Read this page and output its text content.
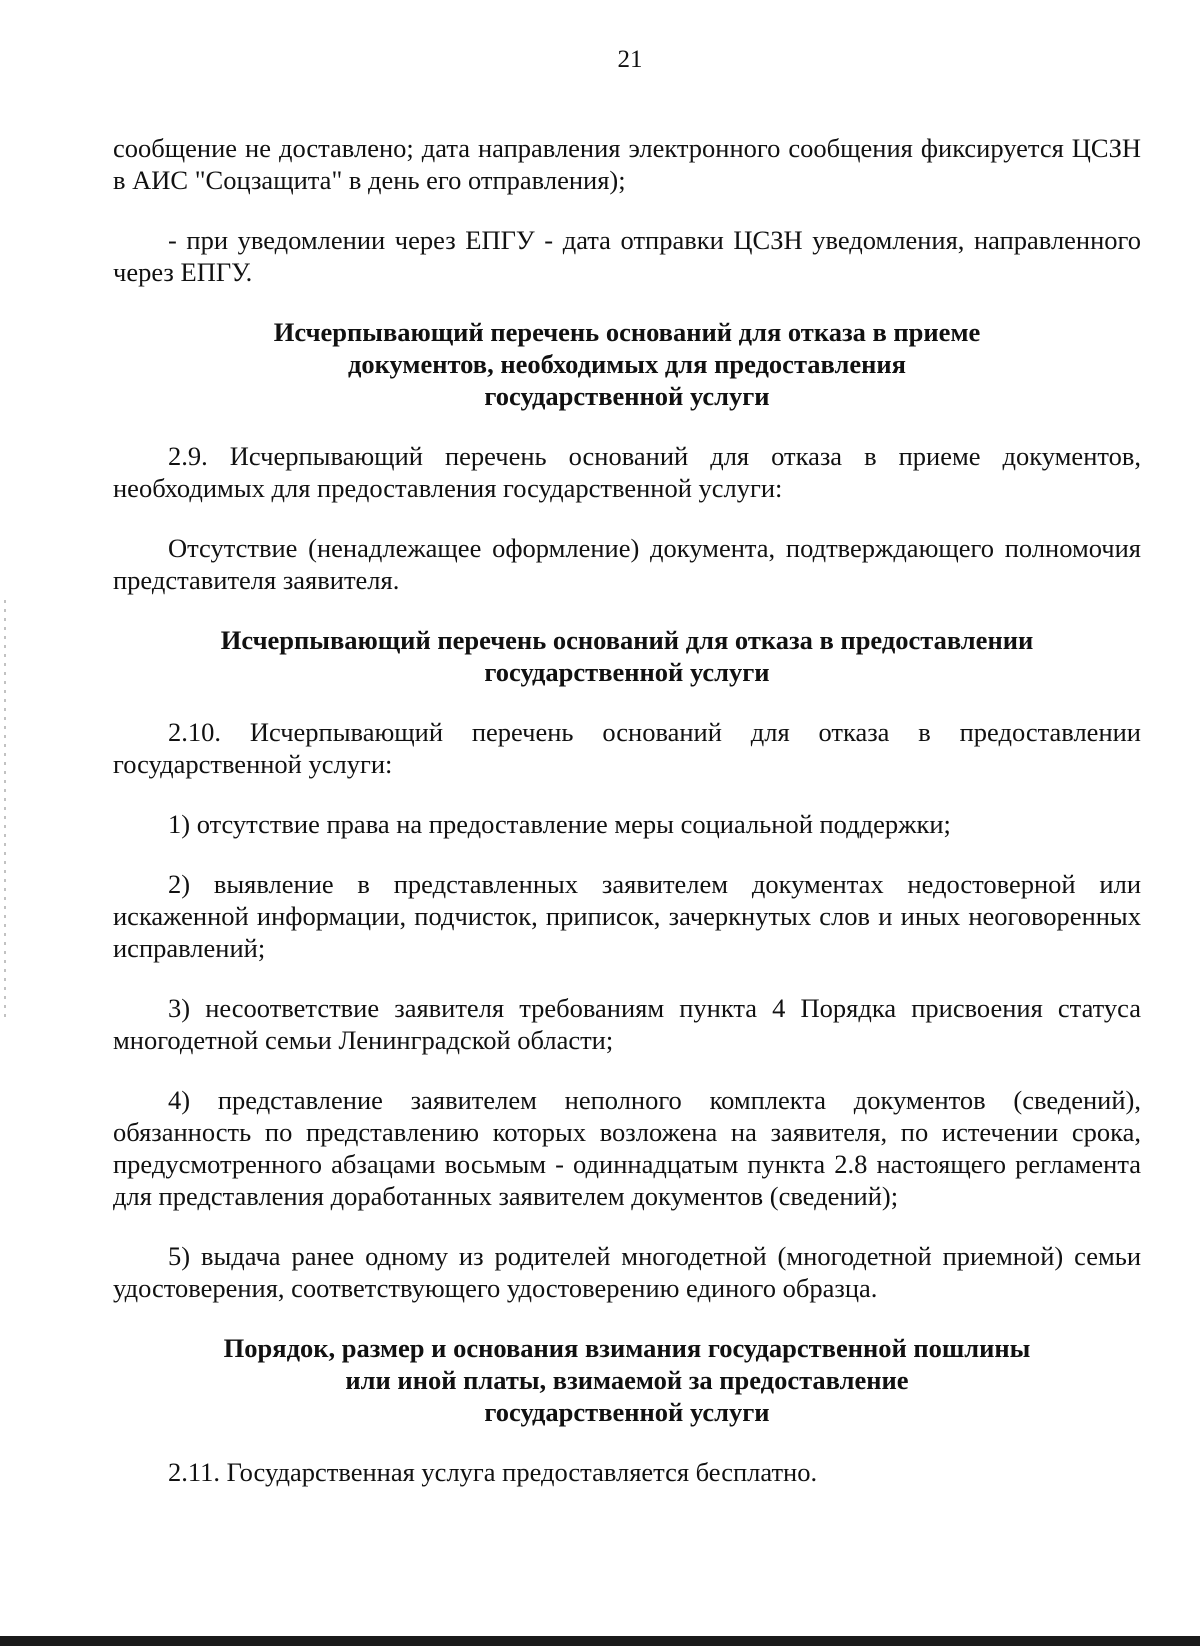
21

сообщение не доставлено; дата направления электронного сообщения фиксируется ЦСЗН в АИС "Соцзащита" в день его отправления);

- при уведомлении через ЕПГУ - дата отправки ЦСЗН уведомления, направленного через ЕПГУ.

Исчерпывающий перечень оснований для отказа в приеме
документов, необходимых для предоставления
государственной услуги

2.9. Исчерпывающий перечень оснований для отказа в приеме документов, необходимых для предоставления государственной услуги:

Отсутствие (ненадлежащее оформление) документа, подтверждающего полномочия представителя заявителя.

Исчерпывающий перечень оснований для отказа в предоставлении
государственной услуги

2.10. Исчерпывающий перечень оснований для отказа в предоставлении государственной услуги:

1) отсутствие права на предоставление меры социальной поддержки;

2) выявление в представленных заявителем документах недостоверной или искаженной информации, подчисток, приписок, зачеркнутых слов и иных неоговоренных исправлений;

3) несоответствие заявителя требованиям пункта 4 Порядка присвоения статуса многодетной семьи Ленинградской области;

4) представление заявителем неполного комплекта документов (сведений), обязанность по представлению которых возложена на заявителя, по истечении срока, предусмотренного абзацами восьмым - одиннадцатым пункта 2.8 настоящего регламента для представления доработанных заявителем документов (сведений);

5) выдача ранее одному из родителей многодетной (многодетной приемной) семьи удостоверения, соответствующего удостоверению единого образца.

Порядок, размер и основания взимания государственной пошлины
или иной платы, взимаемой за предоставление
государственной услуги

2.11. Государственная услуга предоставляется бесплатно.
